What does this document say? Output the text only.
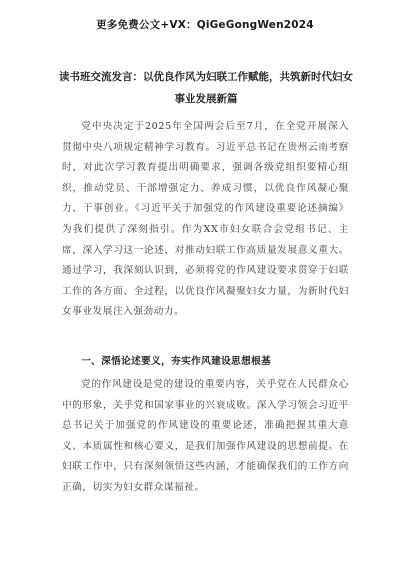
更多免费公文+VX：QiGeGongWen2024
读书班交流发言：以优良作风为妇联工作赋能，共筑新时代妇女事业发展新篇

党中央决定于2025年全国两会后至7月，在全党开展深入贯彻中央八项规定精神学习教育。习近平总书记在贵州云南考察时，对此次学习教育提出明确要求，强调各级党组织要精心组织，推动党员、干部增强定力、养成习惯，以优良作风凝心聚力、干事创业。《习近平关于加强党的作风建设重要论述摘编》为我们提供了深刻指引。作为XX市妇女联合会党组书记、主席，深入学习这一论述，对推动妇联工作高质量发展意义重大。通过学习，我深刻认识到，必须将党的作风建设要求贯穿于妇联工作的各方面、全过程，以优良作风凝聚妇女力量，为新时代妇女事业发展注入强劲动力。

一、深悟论述要义，夯实作风建设思想根基

党的作风建设是党的建设的重要内容，关乎党在人民群众心中的形象，关乎党和国家事业的兴衰成败。深入学习领会习近平总书记关于加强党的作风建设的重要论述，准确把握其重大意义、本质属性和核心要义，是我们加强作风建设的思想前提。在妇联工作中，只有深刻领悟这些内涵，才能确保我们的工作方向正确，切实为妇女群众谋福祉。
